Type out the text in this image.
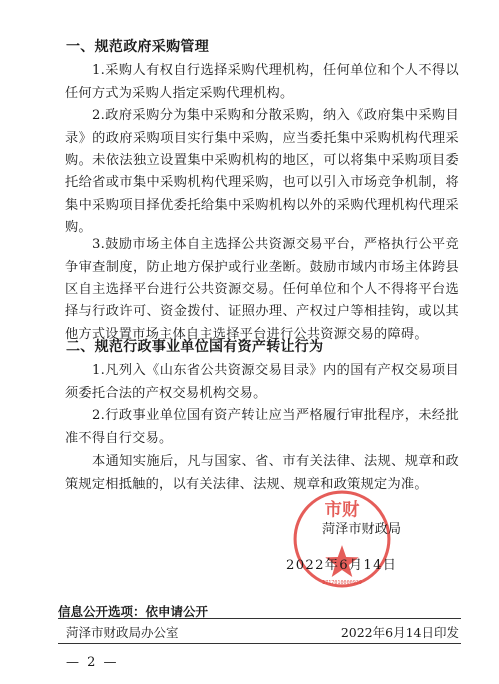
一、规范政府采购管理

1.采购人有权自行选择采购代理机构，任何单位和个人不得以任何方式为采购人指定采购代理机构。

2.政府采购分为集中采购和分散采购，纳入《政府集中采购目录》的政府采购项目实行集中采购，应当委托集中采购机构代理采购。未依法独立设置集中采购机构的地区，可以将集中采购项目委托给省或市集中采购机构代理采购，也可以引入市场竞争机制，将集中采购项目择优委托给集中采购机构以外的采购代理机构代理采购。

3.鼓励市场主体自主选择公共资源交易平台，严格执行公平竞争审查制度，防止地方保护或行业垄断。鼓励市域内市场主体跨县区自主选择平台进行公共资源交易。任何单位和个人不得将平台选择与行政许可、资金拨付、证照办理、产权过户等相挂钩，或以其他方式设置市场主体自主选择平台进行公共资源交易的障碍。

二、规范行政事业单位国有资产转让行为

1.凡列入《山东省公共资源交易目录》内的国有产权交易项目须委托合法的产权交易机构交易。

2.行政事业单位国有资产转让应当严格履行审批程序，未经批准不得自行交易。

本通知实施后，凡与国家、省、市有关法律、法规、规章和政策规定相抵触的，以有关法律、法规、规章和政策规定为准。

市财
3717010000939
菏泽市财政局
2022年6月14日
信息公开选项：依申请公开
菏泽市财政局办公室	2022年6月14日印发
— 2 —
